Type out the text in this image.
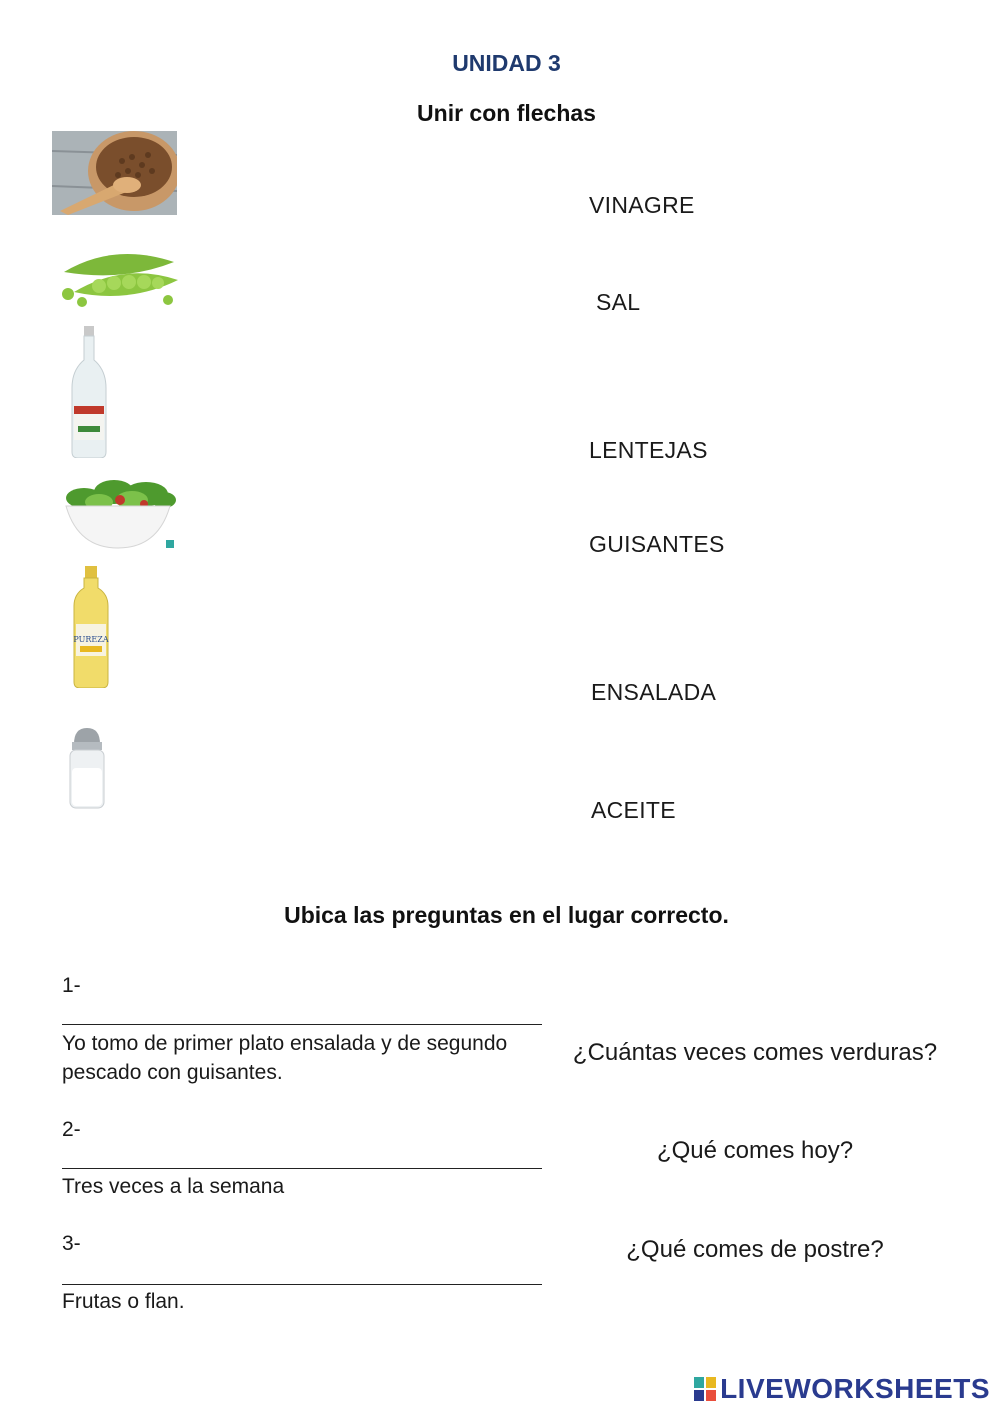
UNIDAD 3
Unir con flechas
PUREZA
VINAGRE
SAL
LENTEJAS
GUISANTES
ENSALADA
ACEITE
Ubica las preguntas en el lugar correcto.
1-
Yo tomo de primer plato ensalada y de segundo pescado con guisantes.
2-
Tres veces a la semana
3-
Frutas o flan.
¿Cuántas veces comes verduras?
¿Qué comes hoy?
¿Qué comes de postre?
LIVEWORKSHEETS
